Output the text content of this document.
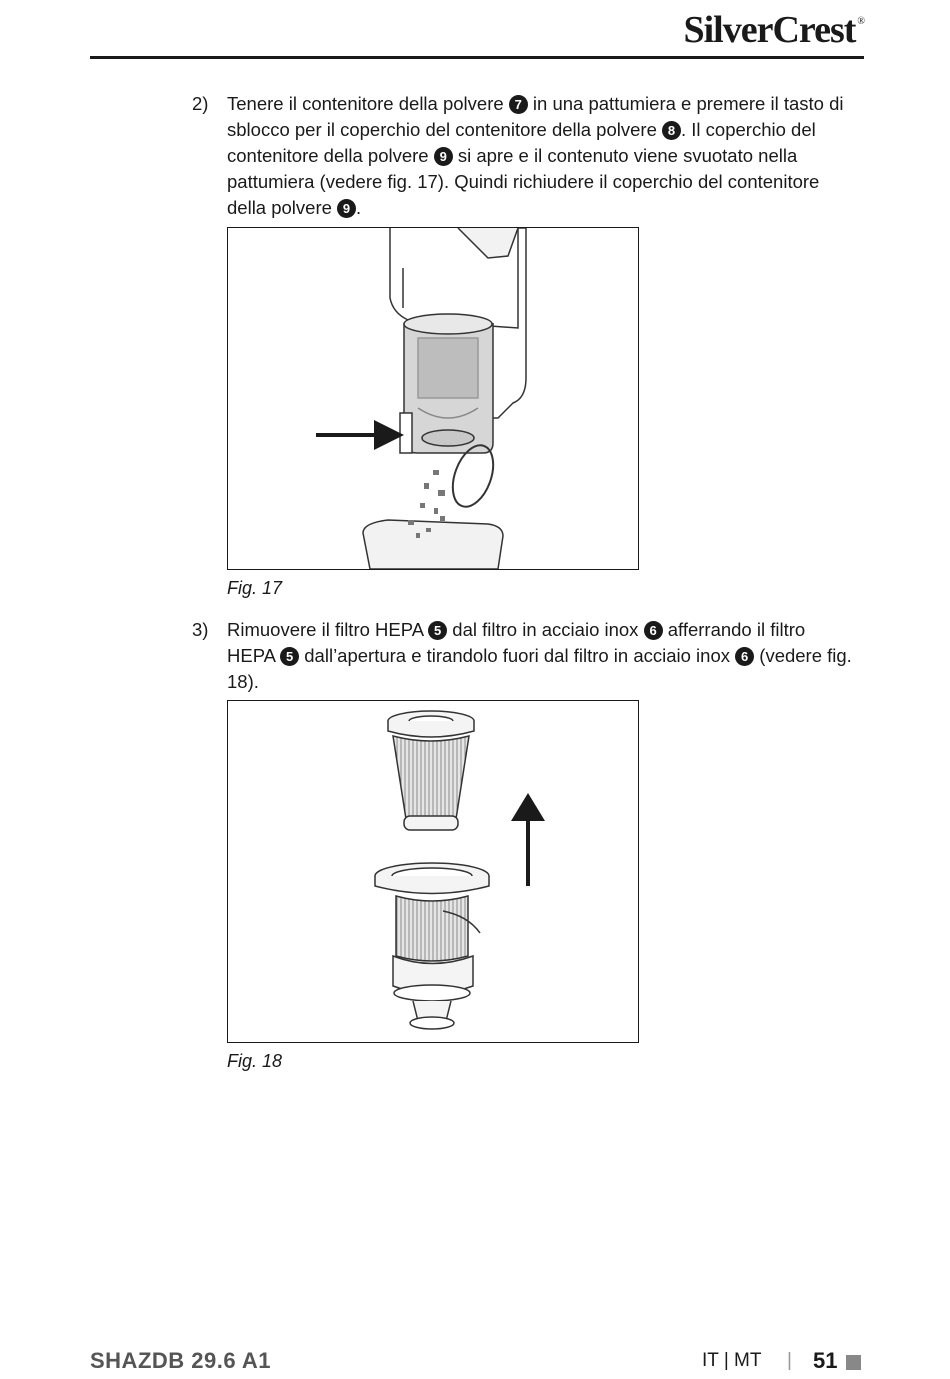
SilverCrest ®
2) Tenere il contenitore della polvere 7 in una pattumiera e premere il tasto di sblocco per il coperchio del contenitore della polvere 8 . Il coperchio del contenitore della polvere 9 si apre e il contenuto viene svuotato nella pattumiera (vedere fig. 17). Quindi richiudere il coperchio del contenitore della polvere 9 .
Fig. 17
3) Rimuovere il filtro HEPA 5 dal filtro in acciaio inox 6 afferrando il filtro HEPA 5 dall’apertura e tirandolo fuori dal filtro in acciaio inox 6 (vedere fig. 18).
Fig. 18
SHAZDB 29.6 A1	IT | MT | 51
